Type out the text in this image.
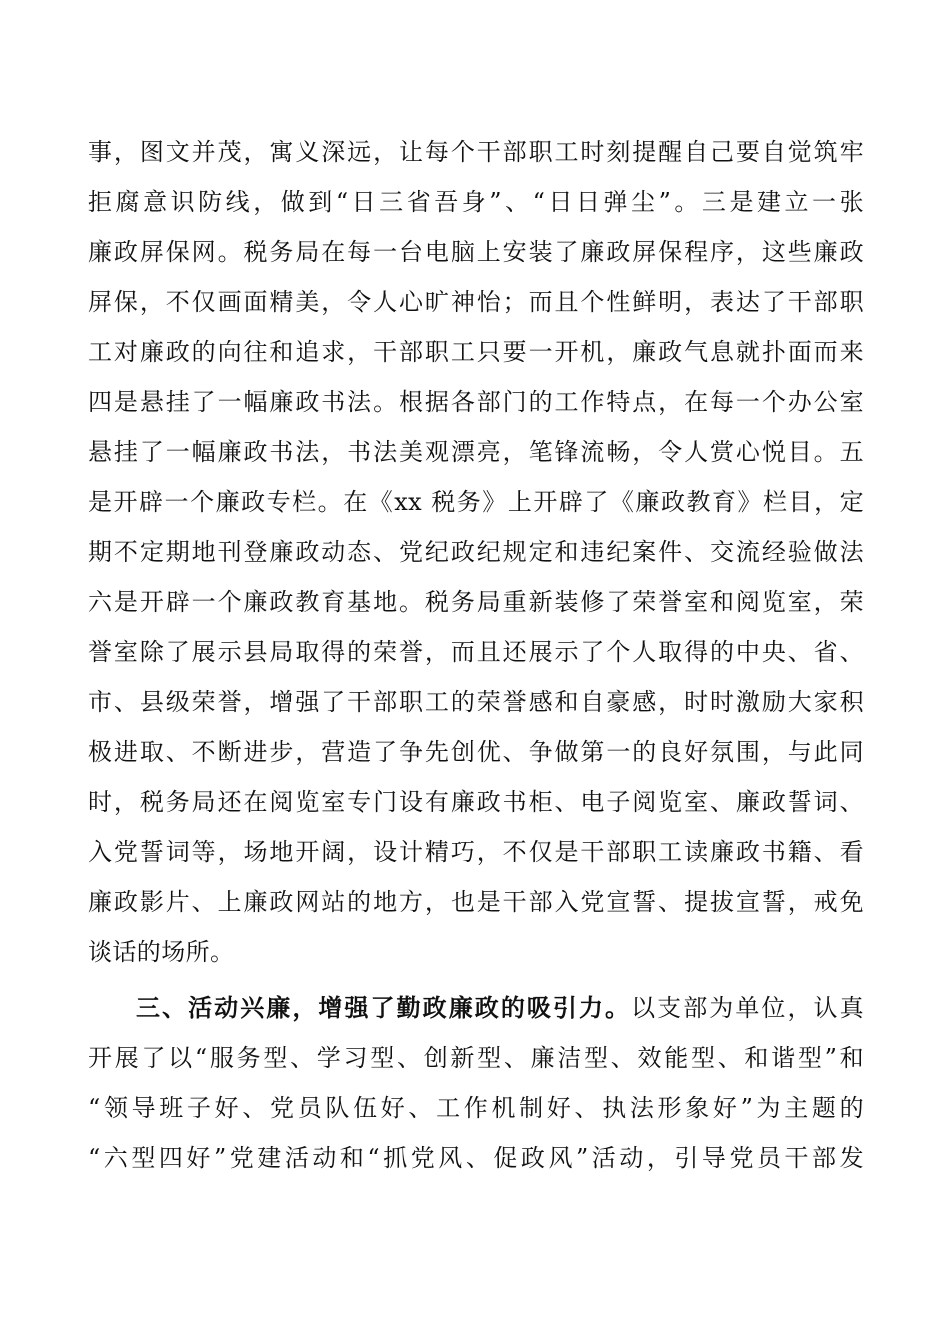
事，图文并茂，寓义深远，让每个干部职工时刻提醒自己要自觉筑牢
拒腐意识防线，做到“日三省吾身”、“日日弹尘”。三是建立一张
廉政屏保网。税务局在每一台电脑上安装了廉政屏保程序，这些廉政
屏保，不仅画面精美，令人心旷神怡；而且个性鲜明，表达了干部职
工对廉政的向往和追求，干部职工只要一开机，廉政气息就扑面而来
四是悬挂了一幅廉政书法。根据各部门的工作特点，在每一个办公室
悬挂了一幅廉政书法，书法美观漂亮，笔锋流畅，令人赏心悦目。五
是开辟一个廉政专栏。在《xx 税务》上开辟了《廉政教育》栏目，定
期不定期地刊登廉政动态、党纪政纪规定和违纪案件、交流经验做法
六是开辟一个廉政教育基地。税务局重新装修了荣誉室和阅览室，荣
誉室除了展示县局取得的荣誉，而且还展示了个人取得的中央、省、
市、县级荣誉，增强了干部职工的荣誉感和自豪感，时时激励大家积
极进取、不断进步，营造了争先创优、争做第一的良好氛围，与此同
时，税务局还在阅览室专门设有廉政书柜、电子阅览室、廉政誓词、
入党誓词等，场地开阔，设计精巧，不仅是干部职工读廉政书籍、看
廉政影片、上廉政网站的地方，也是干部入党宣誓、提拔宣誓，戒免
谈话的场所。
三、活动兴廉，增强了勤政廉政的吸引力。以支部为单位，认真
开展了以“服务型、学习型、创新型、廉洁型、效能型、和谐型”和
“领导班子好、党员队伍好、工作机制好、执法形象好”为主题的
“六型四好”党建活动和“抓党风、促政风”活动，引导党员干部发
